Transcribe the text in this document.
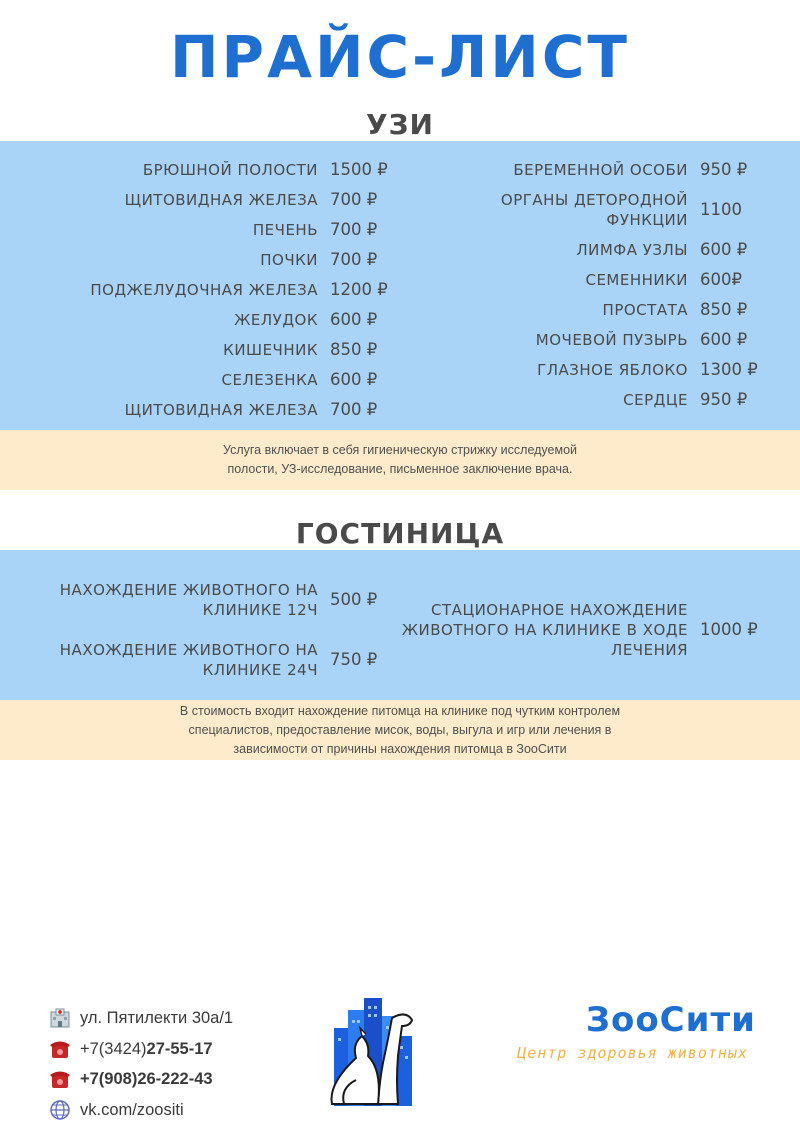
ПРАЙС-ЛИСТ
УЗИ
БРЮШНОЙ ПОЛОСТИ 1500 ₽
ЩИТОВИДНАЯ ЖЕЛЕЗА 700 ₽
ПЕЧЕНЬ 700 ₽
ПОЧКИ 700 ₽
ПОДЖЕЛУДОЧНАЯ ЖЕЛЕЗА 1200 ₽
ЖЕЛУДОК 600 ₽
КИШЕЧНИК 850 ₽
СЕЛЕЗЕНКА 600 ₽
ЩИТОВИДНАЯ ЖЕЛЕЗА 700 ₽
БЕРЕМЕННОЙ ОСОБИ 950 ₽
ОРГАНЫ ДЕТОРОДНОЙ ФУНКЦИИ
1100
ЛИМФА УЗЛЫ 600 ₽
СЕМЕННИКИ 600₽
ПРОСТАТА 850 ₽
МОЧЕВОЙ ПУЗЫРЬ 600 ₽
ГЛАЗНОЕ ЯБЛОКО 1300 ₽
СЕРДЦЕ 950 ₽
Услуга включает в себя гигиеническую стрижку исследуемой
полости, УЗ-исследование, письменное заключение врача.
ГОСТИНИЦА
НАХОЖДЕНИЕ ЖИВОТНОГО НА КЛИНИКЕ 12Ч
500 ₽
НАХОЖДЕНИЕ ЖИВОТНОГО НА КЛИНИКЕ 24Ч
750 ₽
СТАЦИОНАРНОЕ НАХОЖДЕНИЕ ЖИВОТНОГО НА КЛИНИКЕ В ХОДЕ ЛЕЧЕНИЯ
1000 ₽
В стоимость входит нахождение питомца на клинике под чутким контролем
специалистов, предоставление мисок, воды, выгула и игр или лечения в
зависимости от причины нахождения питомца в ЗооСити
ул. Пятилекти 30а/1
+7(3424)27-55-17
+7(908)26-222-43
vk.com/zoositi
ЗооСити
Центр здоровья животных
